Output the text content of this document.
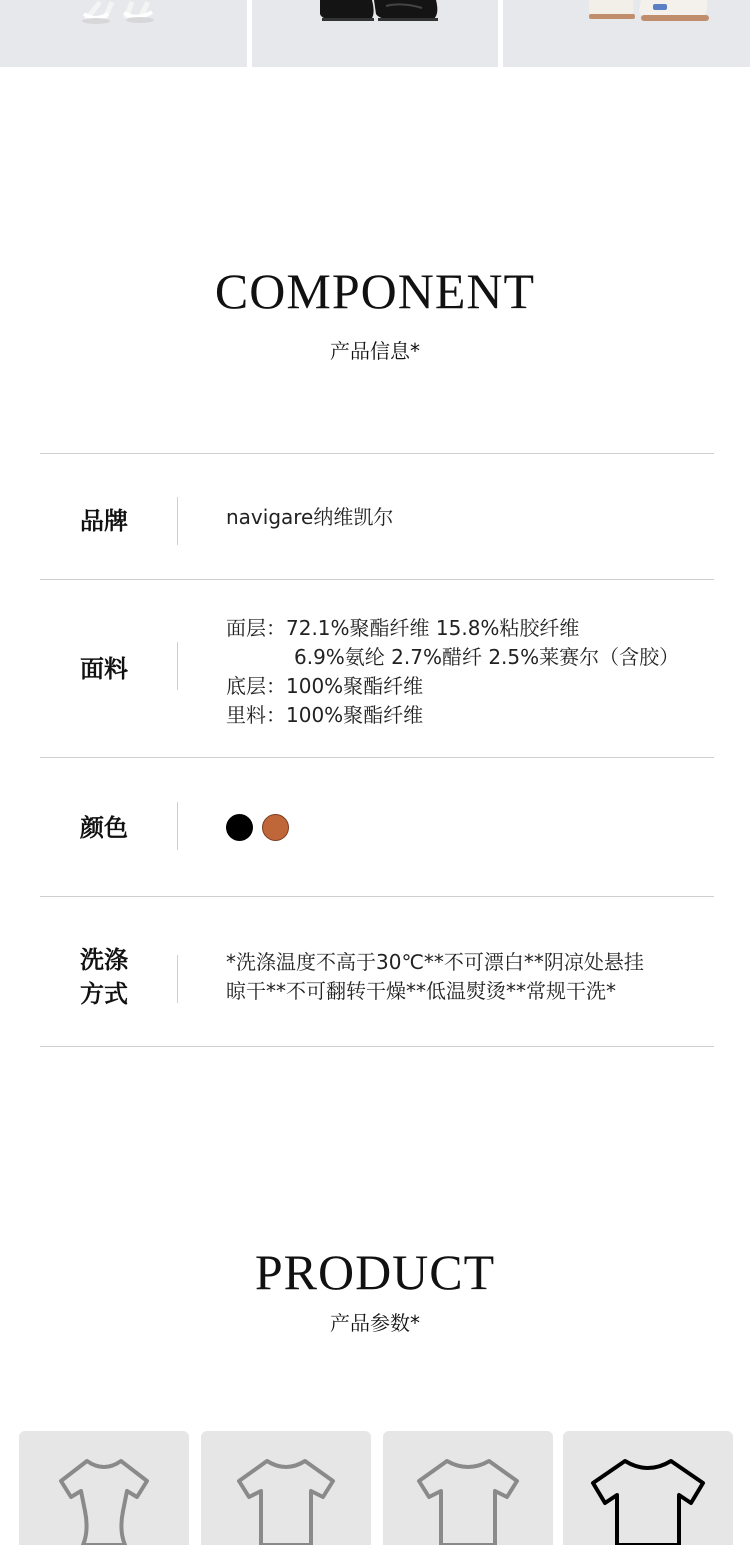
COMPONENT
产品信息*
品牌	navigare纳维凯尔
面料
面层：72.1%聚酯纤维 15.8%粘胶纤维
6.9%氨纶 2.7%醋纤 2.5%莱赛尔（含胶）
底层：100%聚酯纤维
里料：100%聚酯纤维
颜色
洗涤
方式
*洗涤温度不高于30℃**不可漂白**阴凉处悬挂
晾干**不可翻转干燥**低温熨烫**常规干洗*
PRODUCT
产品参数*
